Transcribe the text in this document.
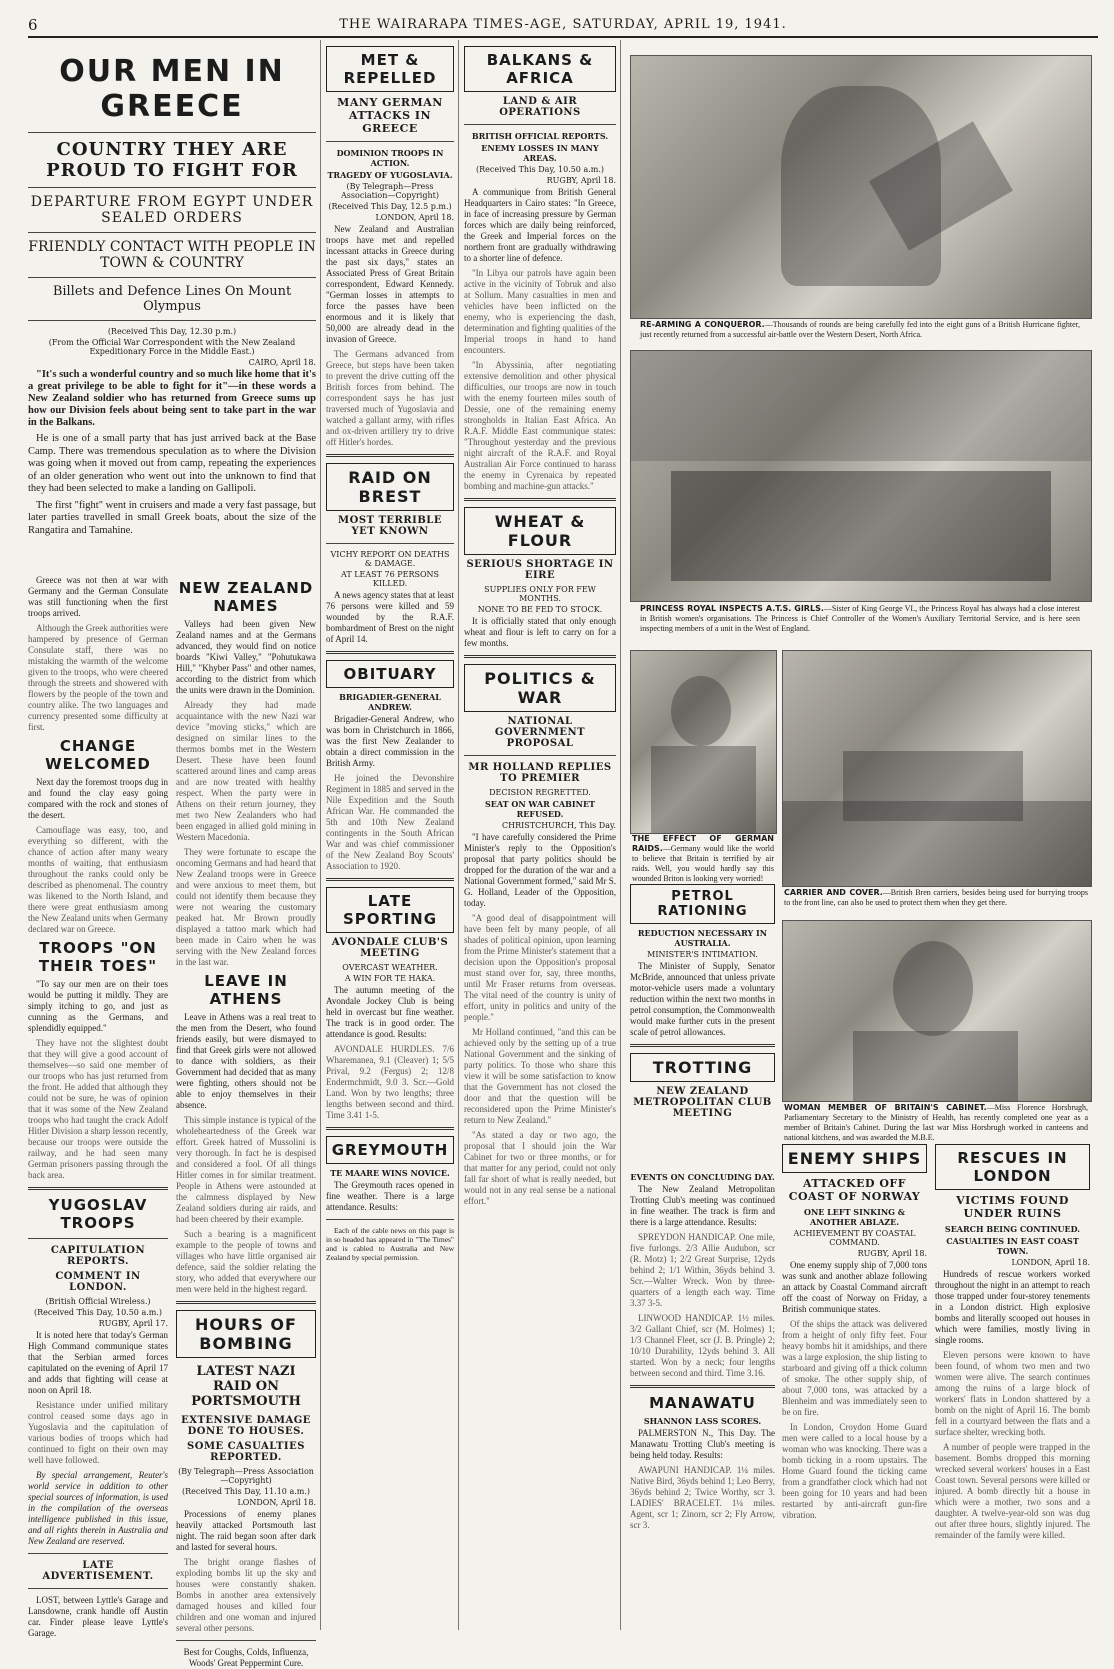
6	THE WAIRARAPA TIMES-AGE, SATURDAY, APRIL 19, 1941.
OUR MEN IN GREECE
COUNTRY THEY ARE PROUD TO FIGHT FOR
DEPARTURE FROM EGYPT UNDER SEALED ORDERS
FRIENDLY CONTACT WITH PEOPLE IN TOWN & COUNTRY
Billets and Defence Lines On Mount Olympus
(Received This Day, 12.30 p.m.)
(From the Official War Correspondent with the New Zealand Expeditionary Force in the Middle East.)
CAIRO, April 18.

"It's such a wonderful country and so much like home that it's a great privilege to be able to fight for it"—in these words a New Zealand soldier who has returned from Greece sums up how our Division feels about being sent to take part in the war in the Balkans.

He is one of a small party that has just arrived back at the Base Camp. There was tremendous speculation as to where the Division was going when it moved out from camp, repeating the experiences of an older generation who went out into the unknown to find that they had been selected to make a landing on Gallipoli.

The first "fight" went in cruisers and made a very fast passage, but later parties travelled in small Greek boats, about the size of the Rangatira and Tamahine.

Greece was not then at war with Germany and the German Consulate was still functioning when the first troops arrived.

Although the Greek authorities were hampered by presence of German Consulate staff, there was no mistaking the warmth of the welcome given to the troops, who were cheered through the streets and showered with flowers by the people of the town and country alike. The two languages and currency presented some difficulty at first.

CHANGE WELCOMED

Next day the foremost troops dug in and found the clay easy going compared with the rock and stones of the desert.

Camouflage was easy, too, and everything so different, with the chance of action after many weary months of waiting, that enthusiasm throughout the ranks could only be described as phenomenal. The country was likened to the North Island, and there were great enthusiasm among the New Zealand units when Germany declared war on Greece.

TROOPS "ON THEIR TOES"

"To say our men are on their toes would be putting it mildly. They are simply itching to go, and just as cunning as the Germans, and splendidly equipped."

They have not the slightest doubt that they will give a good account of themselves—so said one member of our troops who has just returned from the front. He added that although they could not be sure, he was of opinion that it was some of the New Zealand troops who had taught the crack Adolf Hitler Division a sharp lesson recently, because our troops were outside the railway, and he had seen many German prisoners passing through the back area.

YUGOSLAV TROOPS
CAPITULATION REPORTS.
COMMENT IN LONDON.
(British Official Wireless.)
(Received This Day, 10.50 a.m.)
RUGBY, April 17.

It is noted here that today's German High Command communique states that the Serbian armed forces capitulated on the evening of April 17 and adds that fighting will cease at noon on April 18.

Resistance under unified military control ceased some days ago in Yugoslavia and the capitulation of various bodies of troops which had continued to fight on their own may well have followed.

By special arrangement, Reuter's world service in addition to other special sources of information, is used in the compilation of the overseas intelligence published in this issue, and all rights therein in Australia and New Zealand are reserved.

LATE ADVERTISEMENT.

LOST, between Lyttle's Garage and Lansdowne, crank handle off Austin car. Finder please leave Lyttle's Garage.

NEW ZEALAND NAMES

Valleys had been given New Zealand names and at the Germans advanced, they would find on notice boards "Kiwi Valley," "Pohutukawa Hill," "Khyber Pass" and other names, according to the district from which the units were drawn in the Dominion.

Already they had made acquaintance with the new Nazi war device "moving sticks," which are designed on similar lines to the thermos bombs met in the Western Desert. These have been found scattered around lines and camp areas and are now treated with healthy respect. When the party were in Athens on their return journey, they met two New Zealanders who had been engaged in allied gold mining in Western Macedonia.

They were fortunate to escape the oncoming Germans and had heard that New Zealand troops were in Greece and were anxious to meet them, but could not identify them because they were not wearing the customary peaked hat. Mr Brown proudly displayed a tattoo mark which had been made in Cairo when he was serving with the New Zealand forces in the last war.

LEAVE IN ATHENS

Leave in Athens was a real treat to the men from the Desert, who found friends easily, but were dismayed to find that Greek girls were not allowed to dance with soldiers, as their Government had decided that as many were fighting, others should not be able to enjoy themselves in their absence.

This simple instance is typical of the wholeheartedness of the Greek war effort. Greek hatred of Mussolini is very thorough. In fact he is despised and considered a fool. Of all things Hitler comes in for similar treatment. People in Athens were astounded at the calmness displayed by New Zealand soldiers during air raids, and had been cheered by their example.

Such a bearing is a magnificent example to the people of towns and villages who have little organised air defence, said the soldier relating the story, who added that everywhere our men were held in the highest regard.

HOURS OF BOMBING
LATEST NAZI RAID ON PORTSMOUTH
EXTENSIVE DAMAGE DONE TO HOUSES.
SOME CASUALTIES REPORTED.
(By Telegraph—Press Association—Copyright)
(Received This Day, 11.10 a.m.)
LONDON, April 18.

Processions of enemy planes heavily attacked Portsmouth last night. The raid began soon after dark and lasted for several hours.

The bright orange flashes of exploding bombs lit up the sky and houses were constantly shaken. Bombs in another area extensively damaged houses and killed four children and one woman and injured several other persons.

Best for Coughs, Colds, Influenza, Woods' Great Peppermint Cure.

MET & REPELLED
MANY GERMAN ATTACKS IN GREECE
DOMINION TROOPS IN ACTION.
TRAGEDY OF YUGOSLAVIA.
(By Telegraph—Press Association—Copyright)
(Received This Day, 12.5 p.m.)
LONDON, April 18.

New Zealand and Australian troops have met and repelled incessant attacks in Greece during the past six days," states an Associated Press of Great Britain correspondent, Edward Kennedy. "German losses in attempts to force the passes have been enormous and it is likely that 50,000 are already dead in the invasion of Greece.

The Germans advanced from Greece, but steps have been taken to prevent the drive cutting off the British forces from behind. The correspondent says he has just traversed much of Yugoslavia and watched a gallant army, with rifles and ox-driven artillery try to drive off Hitler's hordes.

RAID ON BREST
MOST TERRIBLE YET KNOWN
VICHY REPORT ON DEATHS & DAMAGE.
AT LEAST 76 PERSONS KILLED.

A news agency states that at least 76 persons were killed and 59 wounded by the R.A.F. bombardment of Brest on the night of April 14.

OBITUARY
BRIGADIER-GENERAL ANDREW.

Brigadier-General Andrew, who was born in Christchurch in 1866, was the first New Zealander to obtain a direct commission in the British Army.

He joined the Devonshire Regiment in 1885 and served in the Nile Expedition and the South African War. He commanded the 5th and 10th New Zealand contingents in the South African War and was chief commissioner of the New Zealand Boy Scouts' Association to 1920.

LATE SPORTING
AVONDALE CLUB'S MEETING
OVERCAST WEATHER.
A WIN FOR TE HAKA.

The autumn meeting of the Avondale Jockey Club is being held in overcast but fine weather. The track is in good order. The attendance is good. Results:

AVONDALE HURDLES. 7/6 Wharemanea, 9.1 (Cleaver) 1; 5/5 Prival, 9.2 (Fergus) 2; 12/8 Endermchmidt, 9.0 3. Scr.—Gold Land. Won by two lengths; three lengths between second and third. Time 3.41 1-5.

GREYMOUTH
TE MAARE WINS NOVICE.

The Greymouth races opened in fine weather. There is a large attendance. Results:

Each of the cable news on this page is in so headed has appeared in "The Times" and is cabled to Australia and New Zealand by special permission.

BALKANS & AFRICA
LAND & AIR OPERATIONS
BRITISH OFFICIAL REPORTS.
ENEMY LOSSES IN MANY AREAS.
(Received This Day, 10.50 a.m.)
RUGBY, April 18.

A communique from British General Headquarters in Cairo states: "In Greece, in face of increasing pressure by German forces which are daily being reinforced, the Greek and Imperial forces on the northern front are gradually withdrawing to a shorter line of defence.

"In Libya our patrols have again been active in the vicinity of Tobruk and also at Sollum. Many casualties in men and vehicles have been inflicted on the enemy, who is experiencing the dash, determination and fighting qualities of the Imperial troops in hand to hand encounters.

"In Abyssinia, after negotiating extensive demolition and other physical difficulties, our troops are now in touch with the enemy fourteen miles south of Dessie, one of the remaining enemy strongholds in Italian East Africa. An R.A.F. Middle East communique states: "Throughout yesterday and the previous night aircraft of the R.A.F. and Royal Australian Air Force continued to harass the enemy in Cyrenaica by repeated bombing and machine-gun attacks."

WHEAT & FLOUR
SERIOUS SHORTAGE IN EIRE
SUPPLIES ONLY FOR FEW MONTHS.
NONE TO BE FED TO STOCK.

It is officially stated that only enough wheat and flour is left to carry on for a few months.

POLITICS & WAR
NATIONAL GOVERNMENT PROPOSAL
MR HOLLAND REPLIES TO PREMIER
DECISION REGRETTED.
SEAT ON WAR CABINET REFUSED.
CHRISTCHURCH, This Day.

"I have carefully considered the Prime Minister's reply to the Opposition's proposal that party politics should be dropped for the duration of the war and a National Government formed," said Mr S. G. Holland, Leader of the Opposition, today.

"A good deal of disappointment will have been felt by many people, of all shades of political opinion, upon learning from the Prime Minister's statement that a decision upon the Opposition's proposal must stand over for, say, three months, until Mr Fraser returns from overseas. The vital need of the country is unity of effort, unity in politics and unity of the people."

Mr Holland continued, "and this can be achieved only by the setting up of a true National Government and the sinking of party politics. To those who share this view it will be some satisfaction to know that the Government has not closed the door and that the question will be reconsidered upon the Prime Minister's return to New Zealand."

"As stated a day or two ago, the proposal that I should join the War Cabinet for two or three months, or for that matter for any period, could not only fall far short of what is really needed, but would not in any real sense be a national effort."

RE-ARMING A CONQUEROR.—Thousands of rounds are being carefully fed into the eight guns of a British Hurricane fighter, just recently returned from a successful air-battle over the Western Desert, North Africa.
PRINCESS ROYAL INSPECTS A.T.S. GIRLS.—Sister of King George VI., the Princess Royal has always had a close interest in British women's organisations. The Princess is Chief Controller of the Women's Auxiliary Territorial Service, and is here seen inspecting members of a unit in the West of England.
THE EFFECT OF GERMAN RAIDS.—Germany would like the world to believe that Britain is terrified by air raids. Well, you would hardly say this wounded Briton is looking very worried!
CARRIER AND COVER.—British Bren carriers, besides being used for burrying troops to the front line, can also be used to protect them when they get there.
WOMAN MEMBER OF BRITAIN'S CABINET.—Miss Florence Horsbrugh, Parliamentary Secretary to the Ministry of Health, has recently completed one year as a member of Britain's Cabinet. During the last war Miss Horsbrugh worked in canteens and national kitchens, and was awarded the M.B.E.
PETROL RATIONING
REDUCTION NECESSARY IN AUSTRALIA.
MINISTER'S INTIMATION.

The Minister of Supply, Senator McBride, announced that unless private motor-vehicle users made a voluntary reduction within the next two months in petrol consumption, the Commonwealth would make further cuts in the present scale of petrol allowances.

TROTTING
NEW ZEALAND METROPOLITAN CLUB MEETING
EVENTS ON CONCLUDING DAY.

The New Zealand Metropolitan Trotting Club's meeting was continued in fine weather. The track is firm and there is a large attendance. Results:

SPREYDON HANDICAP. One mile, five furlongs. 2/3 Allie Audubon, scr (R. Motz) 1; 2/2 Great Surprise, 12yds behind 2; 1/1 Within, 36yds behind 3. Scr.—Walter Wreck. Won by three-quarters of a length each way. Time 3.37 3-5.

LINWOOD HANDICAP. 1½ miles. 3/2 Gallant Chief, scr (M. Holmes) 1; 1/3 Channel Fleet, scr (J. B. Pringle) 2; 10/10 Durability, 12yds behind 3. All started. Won by a neck; four lengths between second and third. Time 3.16.

MANAWATU
SHANNON LASS SCORES.

PALMERSTON N., This Day. The Manawatu Trotting Club's meeting is being held today. Results:

AWAPUNI HANDICAP. 1¼ miles. Native Bird, 36yds behind 1; Leo Berry, 36yds behind 2; Twice Worthy, scr 3. LADIES' BRACELET. 1¼ miles. Agent, scr 1; Zinorn, scr 2; Fly Arrow, scr 3.

ENEMY SHIPS
ATTACKED OFF COAST OF NORWAY
ONE LEFT SINKING & ANOTHER ABLAZE.
ACHIEVEMENT BY COASTAL COMMAND.
RUGBY, April 18.

One enemy supply ship of 7,000 tons was sunk and another ablaze following an attack by Coastal Command aircraft off the coast of Norway on Friday, a British communique states.

Of the ships the attack was delivered from a height of only fifty feet. Four heavy bombs hit it amidships, and there was a large explosion, the ship listing to starboard and giving off a thick column of smoke. The other supply ship, of about 7,000 tons, was attacked by a Blenheim and was immediately seen to be on fire.

In London, Croydon Home Guard men were called to a local house by a woman who was knocking. There was a bomb ticking in a room upstairs. The Home Guard found the ticking came from a grandfather clock which had not been going for 10 years and had been restarted by anti-aircraft gun-fire vibration.

RESCUES IN LONDON
VICTIMS FOUND UNDER RUINS
SEARCH BEING CONTINUED.
CASUALTIES IN EAST COAST TOWN.
LONDON, April 18.

Hundreds of rescue workers worked throughout the night in an attempt to reach those trapped under four-storey tenements in a London district. High explosive bombs and literally scooped out houses in which were families, mostly living in single rooms.

Eleven persons were known to have been found, of whom two men and two women were alive. The search continues among the ruins of a large block of workers' flats in London shattered by a bomb on the night of April 16. The bomb fell in a courtyard between the flats and a surface shelter, wrecking both.

A number of people were trapped in the basement. Bombs dropped this morning wrecked several workers' houses in a East Coast town. Several persons were killed or injured. A bomb directly hit a house in which were a mother, two sons and a daughter. A twelve-year-old son was dug out after three hours, slightly injured. The remainder of the family were killed.
